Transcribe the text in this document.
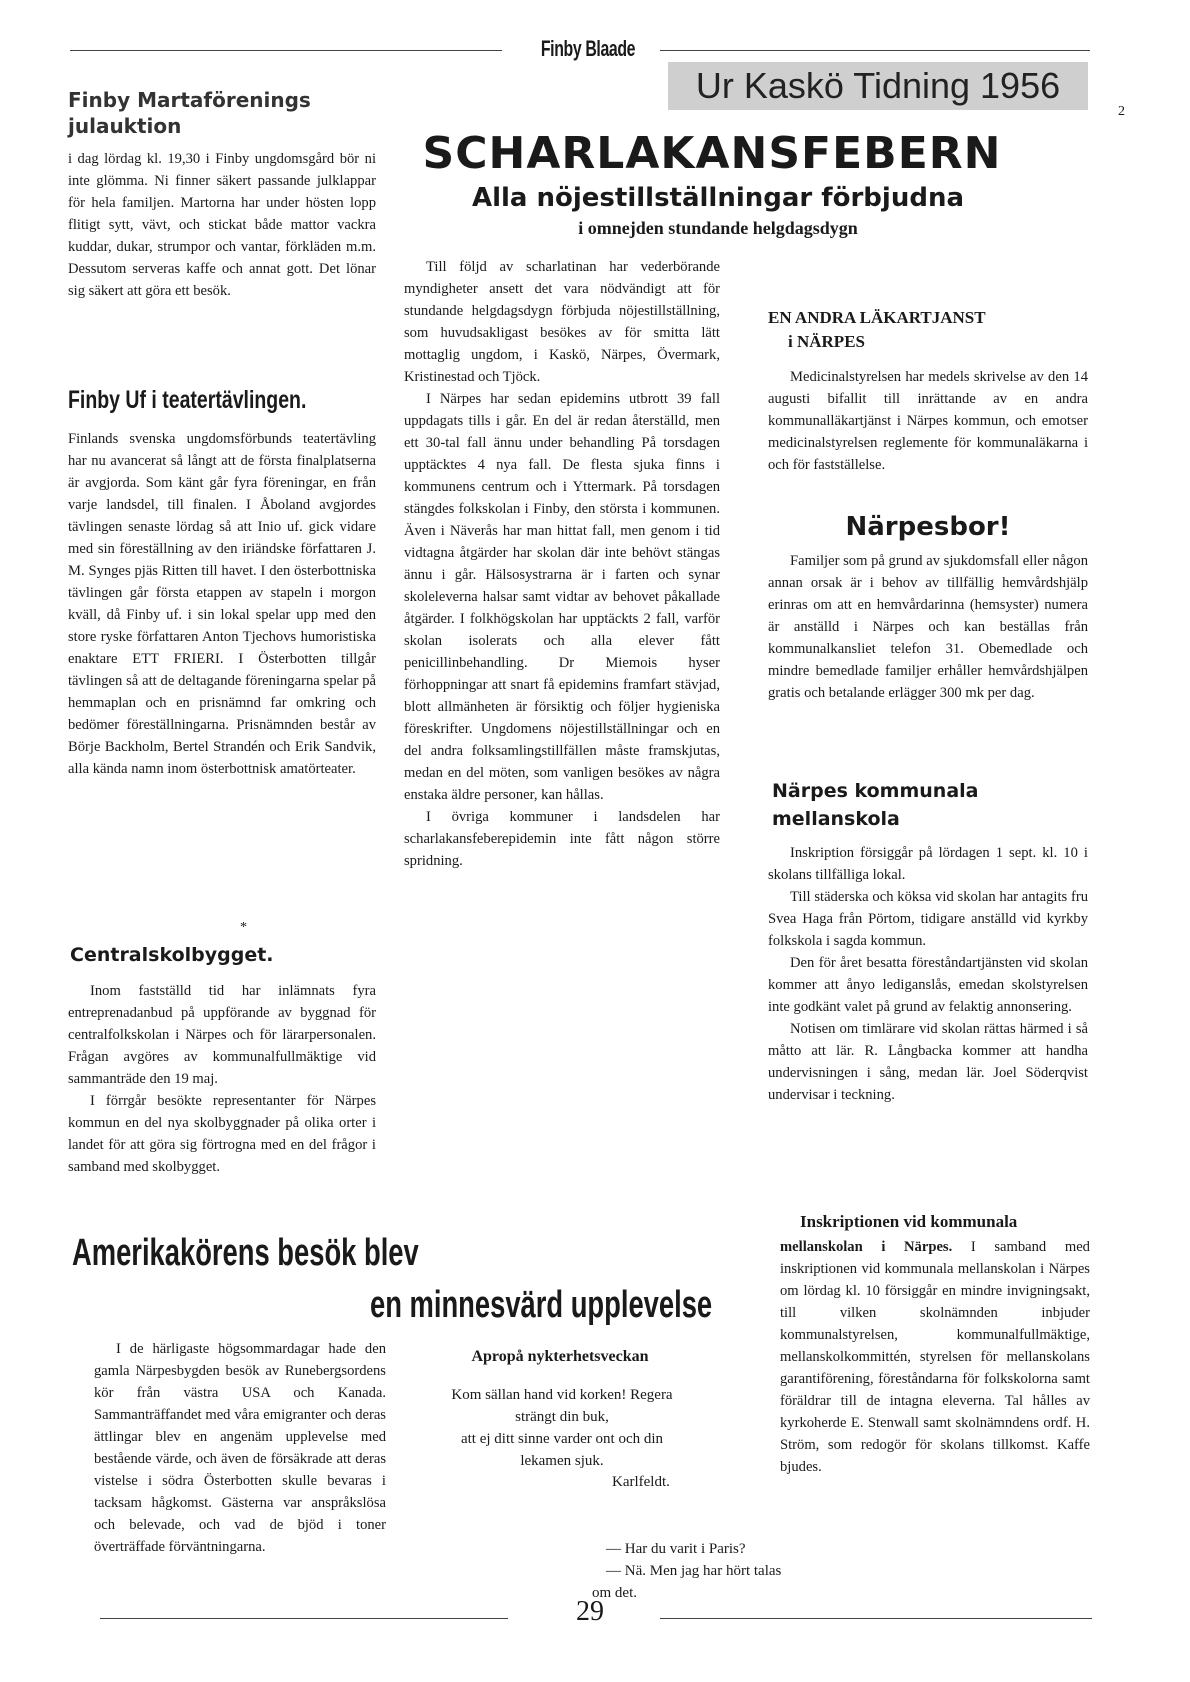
Finby Blaade
Ur Kaskö Tidning 1956
2
Finby Martaförenings
julauktion

i dag lördag kl. 19,30 i Finby ungdomsgård bör ni inte glömma. Ni finner säkert passande julklappar för hela familjen. Martorna har under hösten lopp flitigt sytt, vävt, och stickat både mattor vackra kuddar, dukar, strumpor och vantar, förkläden m.m. Dessutom serveras kaffe och annat gott. Det lönar sig säkert att göra ett besök.

Finby Uf i teatertävlingen.

Finlands svenska ungdomsförbunds teatertävling har nu avancerat så långt att de första finalplatserna är avgjorda. Som känt går fyra föreningar, en från varje landsdel, till finalen. I Åboland avgjordes tävlingen senaste lördag så att Inio uf. gick vidare med sin föreställning av den iriändske författaren J. M. Synges pjäs Ritten till havet. I den österbottniska tävlingen går första etappen av stapeln i morgon kväll, då Finby uf. i sin lokal spelar upp med den store ryske författaren Anton Tjechovs humoristiska enaktare ETT FRIERI. I Österbotten tillgår tävlingen så att de deltagande föreningarna spelar på hemmaplan och en prisnämnd far omkring och bedömer föreställningarna. Prisnämnden består av Börje Backholm, Bertel Strandén och Erik Sandvik, alla kända namn inom österbottnisk amatörteater.

*
Centralskolbygget.

Inom fastställd tid har inlämnats fyra entreprenadanbud på uppförande av byggnad för centralfolkskolan i Närpes och för lärarpersonalen. Frågan avgöres av kommunalfullmäktige vid sammanträde den 19 maj.

I förrgår besökte representanter för Närpes kommun en del nya skolbyggnader på olika orter i landet för att göra sig förtrogna med en del frågor i samband med skolbygget.

SCHARLAKANSFEBERN
Alla nöjestillställningar förbjudna
i omnejden stundande helgdagsdygn

Till följd av scharlatinan har vederbörande myndigheter ansett det vara nödvändigt att för stundande helgdagsdygn förbjuda nöjestillställning, som huvudsakligast besökes av för smitta lätt mottaglig ungdom, i Kaskö, Närpes, Övermark, Kristinestad och Tjöck.

I Närpes har sedan epidemins utbrott 39 fall uppdagats tills i går. En del är redan återställd, men ett 30-tal fall ännu under behandling På torsdagen upptäcktes 4 nya fall. De flesta sjuka finns i kommunens centrum och i Yttermark. På torsdagen stängdes folkskolan i Finby, den största i kommunen. Även i Näverås har man hittat fall, men genom i tid vidtagna åtgärder har skolan där inte behövt stängas ännu i går. Hälsosystrarna är i farten och synar skoleleverna halsar samt vidtar av behovet påkallade åtgärder. I folkhögskolan har upptäckts 2 fall, varför skolan isolerats och alla elever fått penicillinbehandling. Dr Miemois hyser förhoppningar att snart få epidemins framfart stävjad, blott allmänheten är försiktig och följer hygieniska föreskrifter. Ungdomens nöjestillställningar och en del andra folksamlingstillfällen måste framskjutas, medan en del möten, som vanligen besökes av några enstaka äldre personer, kan hållas.

I övriga kommuner i landsdelen har scharlakansfeberepidemin inte fått någon större spridning.

EN ANDRA LÄKARTJANST
i NÄRPES

Medicinalstyrelsen har medels skrivelse av den 14 augusti bifallit till inrättande av en andra kommunalläkartjänst i Närpes kommun, och emotser medicinalstyrelsen reglemente för kommunaläkarna i och för fastställelse.

Närpesbor!

Familjer som på grund av sjukdomsfall eller någon annan orsak är i behov av tillfällig hemvårdshjälp erinras om att en hemvårdarinna (hemsyster) numera är anställd i Närpes och kan beställas från kommunalkansliet telefon 31. Obemedlade och mindre bemedlade familjer erhåller hemvårdshjälpen gratis och betalande erlägger 300 mk per dag.

Närpes kommunala
mellanskola

Inskription försiggår på lördagen 1 sept. kl. 10 i skolans tillfälliga lokal.

Till städerska och köksa vid skolan har antagits fru Svea Haga från Pörtom, tidigare anställd vid kyrkby folkskola i sagda kommun.

Den för året besatta föreståndartjänsten vid skolan kommer att ånyo lediganslås, emedan skolstyrelsen inte godkänt valet på grund av felaktig annonsering.

Notisen om timlärare vid skolan rättas härmed i så måtto att lär. R. Långbacka kommer att handha undervisningen i sång, medan lär. Joel Söderqvist undervisar i teckning.

Inskriptionen vid kommunala

mellanskolan i Närpes. I samband med inskriptionen vid kommunala mellanskolan i Närpes om lördag kl. 10 försiggår en mindre invigningsakt, till vilken skolnämnden inbjuder kommunalstyrelsen, kommunalfullmäktige, mellanskolkommittén, styrelsen för mellanskolans garantiförening, föreståndarna för folkskolorna samt föräldrar till de intagna eleverna. Tal hålles av kyrkoherde E. Stenwall samt skolnämndens ordf. H. Ström, som redogör för skolans tillkomst. Kaffe bjudes.

Amerikakörens besök blev
en minnesvärd upplevelse

I de härligaste högsommardagar hade den gamla Närpesbygden besök av Runebergsordens kör från västra USA och Kanada. Sammanträffandet med våra emigranter och deras ättlingar blev en angenäm upplevelse med bestående värde, och även de försäkrade att deras vistelse i södra Österbotten skulle bevaras i tacksam hågkomst. Gästerna var anspråkslösa och belevade, och vad de bjöd i toner överträffade förväntningarna.

Apropå nykterhetsveckan
Kom sällan hand vid korken! Regera
strängt din buk,
att ej ditt sinne varder ont och din
lekamen sjuk.
Karlfeldt.
— Har du varit i Paris?
— Nä. Men jag har hört talas
om det.
29
